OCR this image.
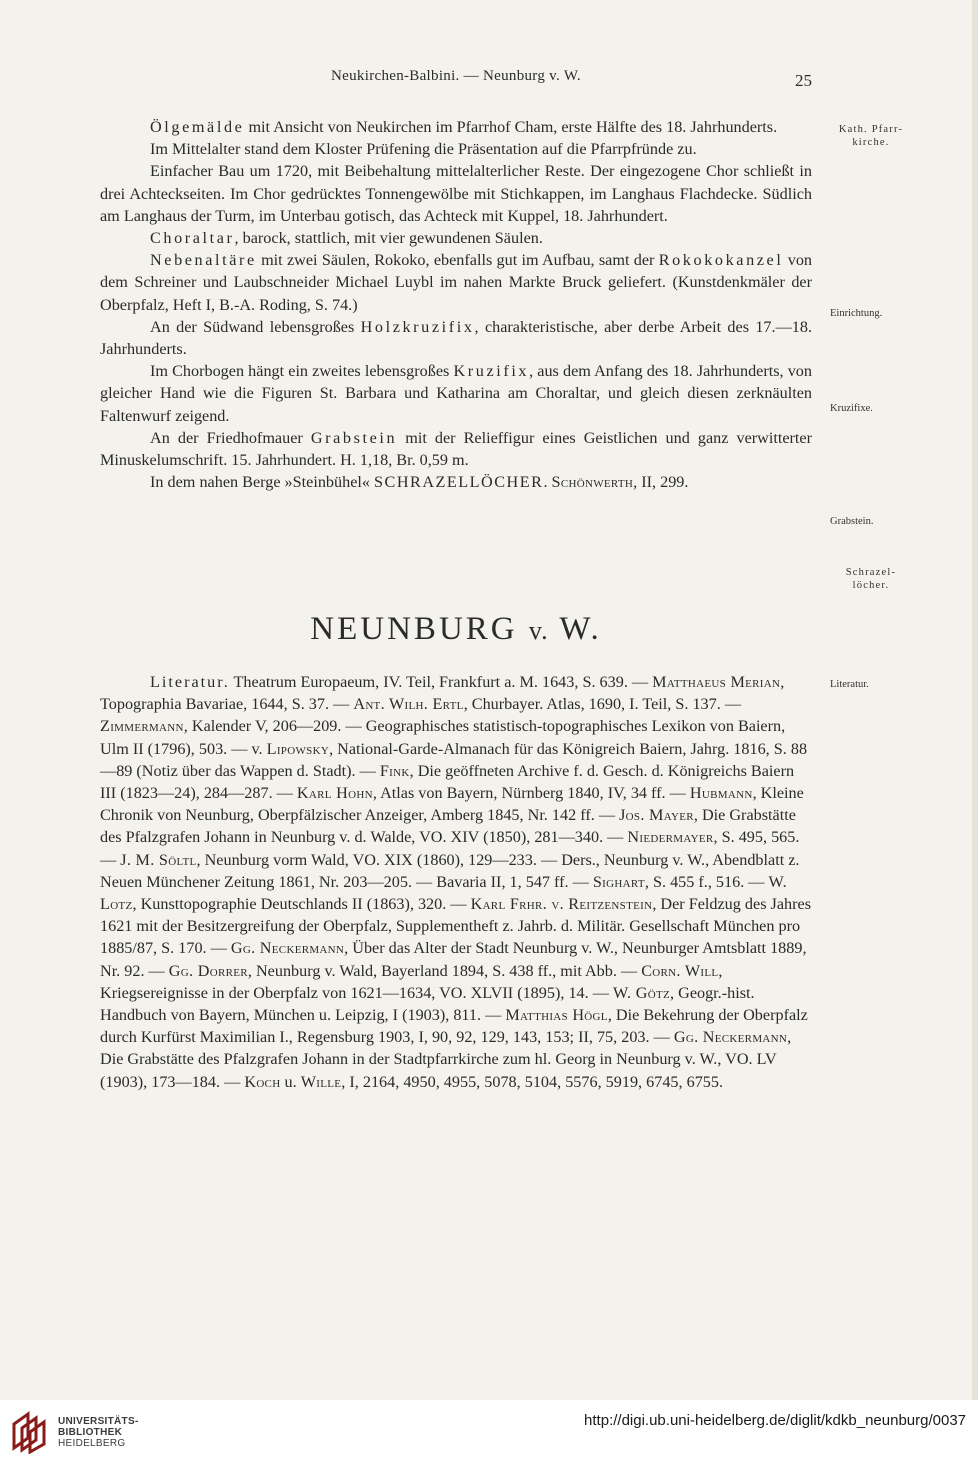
Neukirchen-Balbini. — Neunburg v. W.	25

Ölgemälde mit Ansicht von Neukirchen im Pfarrhof Cham, erste Hälfte des 18. Jahrhunderts.

Im Mittelalter stand dem Kloster Prüfening die Präsentation auf die Pfarrpfründe zu.

Einfacher Bau um 1720, mit Beibehaltung mittelalterlicher Reste. Der eingezogene Chor schließt in drei Achteckseiten. Im Chor gedrücktes Tonnengewölbe mit Stichkappen, im Langhaus Flachdecke. Südlich am Langhaus der Turm, im Unterbau gotisch, das Achteck mit Kuppel, 18. Jahrhundert.

Choraltar, barock, stattlich, mit vier gewundenen Säulen.

Nebenaltäre mit zwei Säulen, Rokoko, ebenfalls gut im Aufbau, samt der Rokokokanzel von dem Schreiner und Laubschneider Michael Luybl im nahen Markte Bruck geliefert. (Kunstdenkmäler der Oberpfalz, Heft I, B.-A. Roding, S. 74.)

An der Südwand lebensgroßes Holzkruzifix, charakteristische, aber derbe Arbeit des 17.—18. Jahrhunderts.

Im Chorbogen hängt ein zweites lebensgroßes Kruzifix, aus dem Anfang des 18. Jahrhunderts, von gleicher Hand wie die Figuren St. Barbara und Katharina am Choraltar, und gleich diesen zerknäulten Faltenwurf zeigend.

An der Friedhofmauer Grabstein mit der Relieffigur eines Geistlichen und ganz verwitterter Minuskelumschrift. 15. Jahrhundert. H. 1,18, Br. 0,59 m.

In dem nahen Berge »Steinbühel« SCHRAZELLÖCHER. Schönwerth, II, 299.

Kath. Pfarr-
kirche.
Einrichtung.
Kruzifixe.
Grabstein.
Schrazel-
löcher.
Literatur.
NEUNBURG v. W.

Literatur. Theatrum Europaeum, IV. Teil, Frankfurt a. M. 1643, S. 639. — Matthaeus Merian, Topographia Bavariae, 1644, S. 37. — Ant. Wilh. Ertl, Churbayer. Atlas, 1690, I. Teil, S. 137. — Zimmermann, Kalender V, 206—209. — Geographisches statistisch-topographisches Lexikon von Baiern, Ulm II (1796), 503. — v. Lipowsky, National-Garde-Almanach für das Königreich Baiern, Jahrg. 1816, S. 88—89 (Notiz über das Wappen d. Stadt). — Fink, Die geöffneten Archive f. d. Gesch. d. Königreichs Baiern III (1823—24), 284—287. — Karl Hohn, Atlas von Bayern, Nürnberg 1840, IV, 34 ff. — Hubmann, Kleine Chronik von Neunburg, Oberpfälzischer Anzeiger, Amberg 1845, Nr. 142 ff. — Jos. Mayer, Die Grabstätte des Pfalzgrafen Johann in Neunburg v. d. Walde, VO. XIV (1850), 281—340. — Niedermayer, S. 495, 565. — J. M. Söltl, Neunburg vorm Wald, VO. XIX (1860), 129—233. — Ders., Neunburg v. W., Abendblatt z. Neuen Münchener Zeitung 1861, Nr. 203—205. — Bavaria II, 1, 547 ff. — Sighart, S. 455 f., 516. — W. Lotz, Kunsttopographie Deutschlands II (1863), 320. — Karl Frhr. v. Reitzenstein, Der Feldzug des Jahres 1621 mit der Besitzergreifung der Oberpfalz, Supplementheft z. Jahrb. d. Militär. Gesellschaft München pro 1885/87, S. 170. — Gg. Neckermann, Über das Alter der Stadt Neunburg v. W., Neunburger Amtsblatt 1889, Nr. 92. — Gg. Dorrer, Neunburg v. Wald, Bayerland 1894, S. 438 ff., mit Abb. — Corn. Will, Kriegsereignisse in der Oberpfalz von 1621—1634, VO. XLVII (1895), 14. — W. Götz, Geogr.-hist. Handbuch von Bayern, München u. Leipzig, I (1903), 811. — Matthias Högl, Die Bekehrung der Oberpfalz durch Kurfürst Maximilian I., Regensburg 1903, I, 90, 92, 129, 143, 153; II, 75, 203. — Gg. Neckermann, Die Grabstätte des Pfalzgrafen Johann in der Stadtpfarrkirche zum hl. Georg in Neunburg v. W., VO. LV (1903), 173—184. — Koch u. Wille, I, 2164, 4950, 4955, 5078, 5104, 5576, 5919, 6745, 6755.

UNIVERSITÄTS-
BIBLIOTHEK
HEIDELBERG
http://digi.ub.uni-heidelberg.de/diglit/kdkb_neunburg/0037
